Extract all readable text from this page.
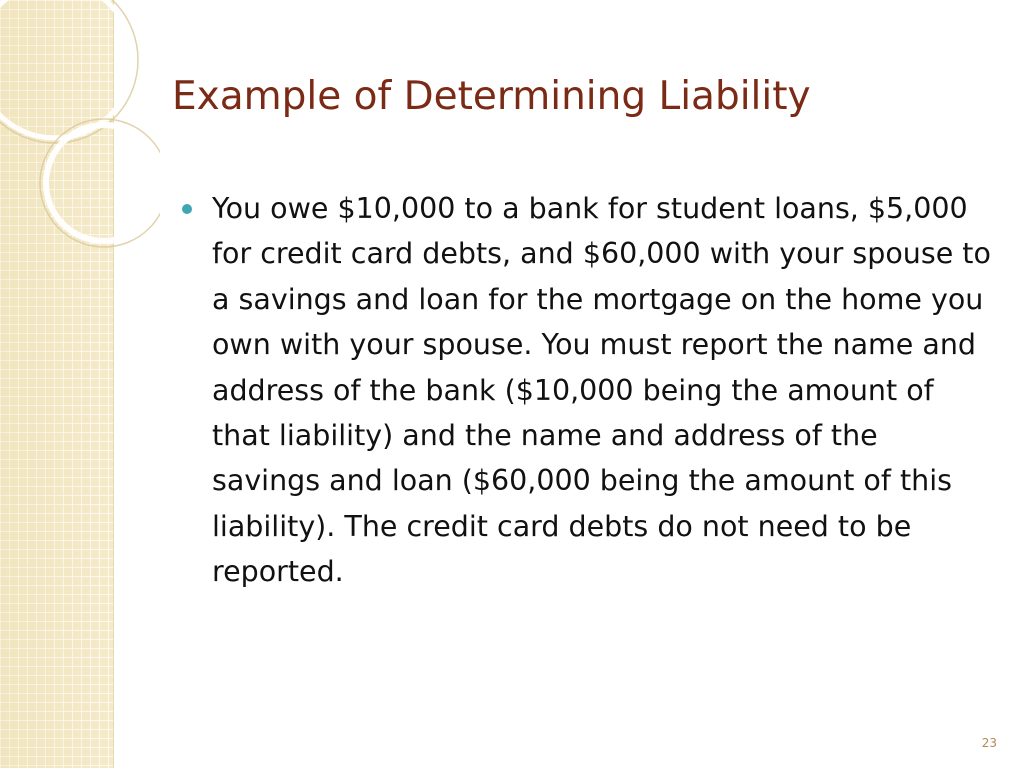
Example of Determining Liability
You owe $10,000 to a bank for student loans, $5,000 for credit card debts, and $60,000 with your spouse to a savings and loan for the mortgage on the home you own with your spouse. You must report the name and address of the bank ($10,000 being the amount of that liability) and the name and address of the savings and loan ($60,000 being the amount of this liability). The credit card debts do not need to be reported.
23
